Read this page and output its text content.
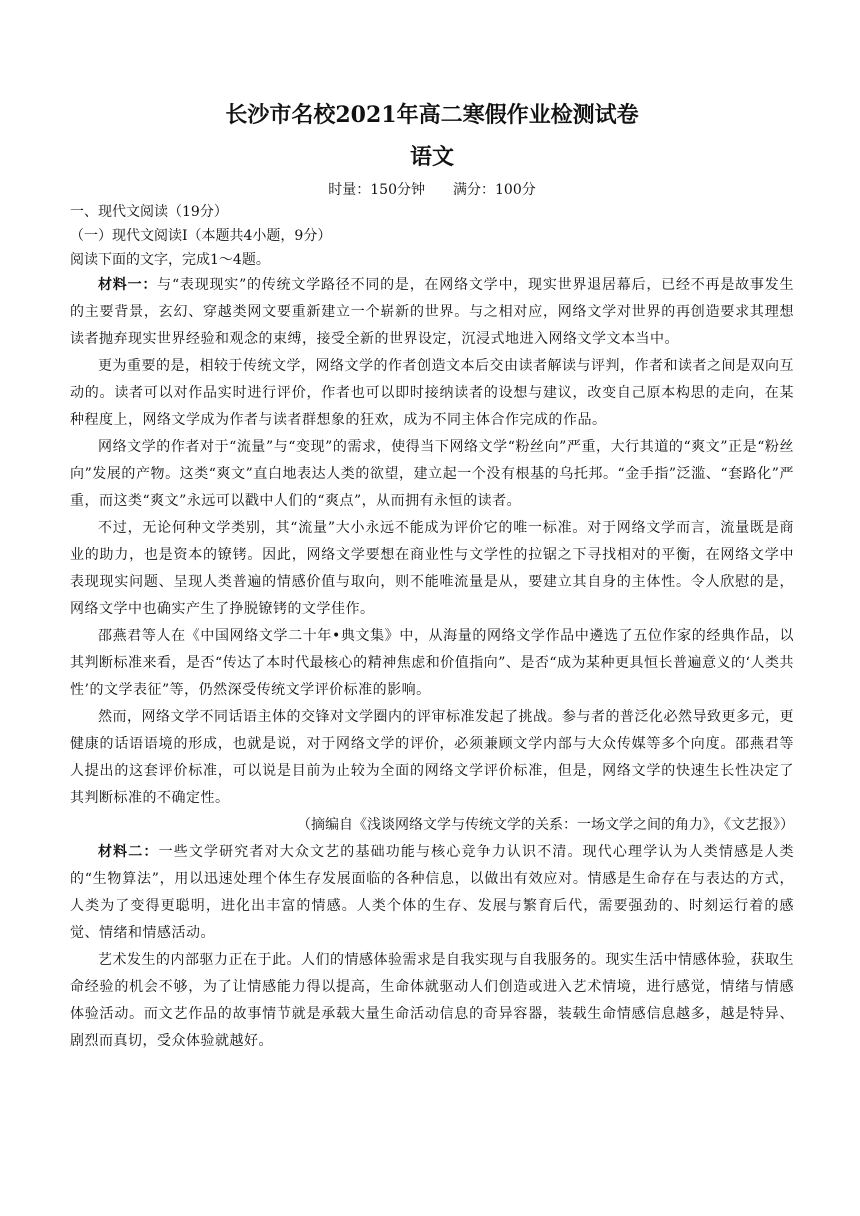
长沙市名校2021年高二寒假作业检测试卷
语文
时量：150分钟 满分：100分
一、现代文阅读（19分）
（一）现代文阅读Ⅰ（本题共4小题，9分）
阅读下面的文字，完成1～4题。

材料一：与“表现现实”的传统文学路径不同的是，在网络文学中，现实世界退居幕后，已经不再是故事发生的主要背景，玄幻、穿越类网文要重新建立一个崭新的世界。与之相对应，网络文学对世界的再创造要求其理想读者抛弃现实世界经验和观念的束缚，接受全新的世界设定，沉浸式地进入网络文学文本当中。

更为重要的是，相较于传统文学，网络文学的作者创造文本后交由读者解读与评判，作者和读者之间是双向互动的。读者可以对作品实时进行评价，作者也可以即时接纳读者的设想与建议，改变自己原本构思的走向，在某种程度上，网络文学成为作者与读者群想象的狂欢，成为不同主体合作完成的作品。

网络文学的作者对于“流量”与“变现”的需求，使得当下网络文学“粉丝向”严重，大行其道的“爽文”正是“粉丝向”发展的产物。这类“爽文”直白地表达人类的欲望，建立起一个没有根基的乌托邦。“金手指”泛滥、“套路化”严重，而这类“爽文”永远可以戳中人们的“爽点”，从而拥有永恒的读者。

不过，无论何种文学类别，其“流量”大小永远不能成为评价它的唯一标准。对于网络文学而言，流量既是商业的助力，也是资本的镣铐。因此，网络文学要想在商业性与文学性的拉锯之下寻找相对的平衡，在网络文学中表现现实问题、呈现人类普遍的情感价值与取向，则不能唯流量是从，要建立其自身的主体性。令人欣慰的是，网络文学中也确实产生了挣脱镣铐的文学佳作。

邵燕君等人在《中国网络文学二十年•典文集》中，从海量的网络文学作品中遴选了五位作家的经典作品，以其判断标准来看，是否“传达了本时代最核心的精神焦虑和价值指向”、是否“成为某种更具恒长普遍意义的‘人类共性’的文学表征”等，仍然深受传统文学评价标准的影响。

然而，网络文学不同话语主体的交锋对文学圈内的评审标准发起了挑战。参与者的普泛化必然导致更多元，更健康的话语语境的形成，也就是说，对于网络文学的评价，必须兼顾文学内部与大众传媒等多个向度。邵燕君等人提出的这套评价标准，可以说是目前为止较为全面的网络文学评价标准，但是，网络文学的快速生长性决定了其判断标准的不确定性。

（摘编自《浅谈网络文学与传统文学的关系：一场文学之间的角力》，《文艺报》）

材料二：一些文学研究者对大众文艺的基础功能与核心竞争力认识不清。现代心理学认为人类情感是人类的“生物算法”，用以迅速处理个体生存发展面临的各种信息，以做出有效应对。情感是生命存在与表达的方式，人类为了变得更聪明，进化出丰富的情感。人类个体的生存、发展与繁育后代，需要强劲的、时刻运行着的感觉、情绪和情感活动。

艺术发生的内部驱力正在于此。人们的情感体验需求是自我实现与自我服务的。现实生活中情感体验，获取生命经验的机会不够，为了让情感能力得以提高，生命体就驱动人们创造或进入艺术情境，进行感觉，情绪与情感体验活动。而文艺作品的故事情节就是承载大量生命活动信息的奇异容器，装载生命情感信息越多，越是特异、剧烈而真切，受众体验就越好。
